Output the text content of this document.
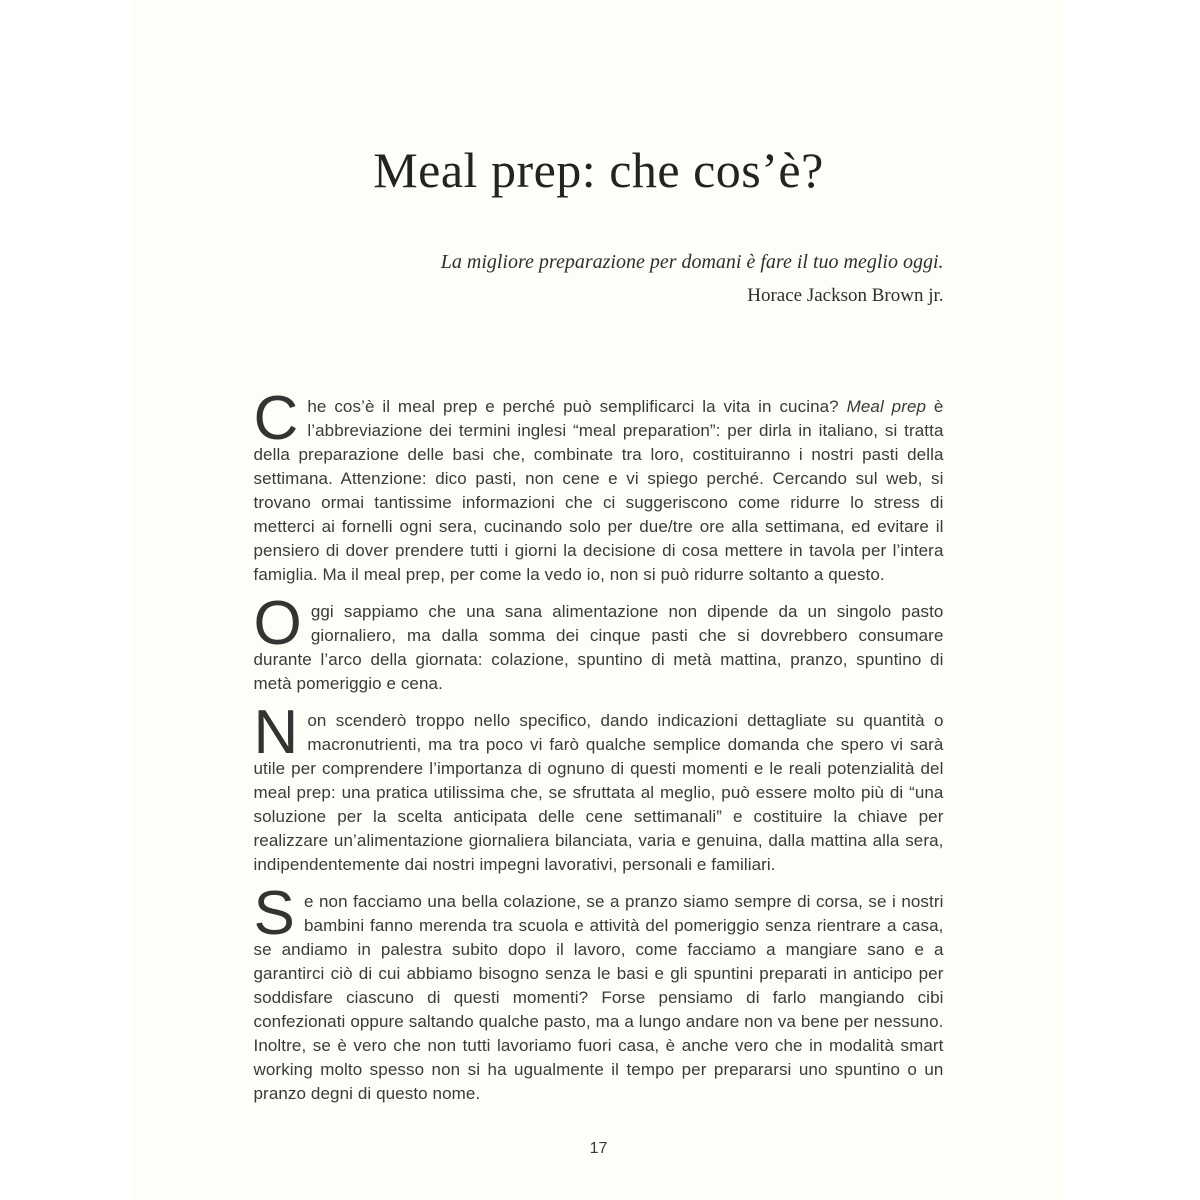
Meal prep: che cos’è?
La migliore preparazione per domani è fare il tuo meglio oggi.
Horace Jackson Brown jr.

Che cos’è il meal prep e perché può semplificarci la vita in cucina? Meal prep è l’abbreviazione dei termini inglesi “meal preparation”: per dirla in italiano, si tratta della preparazione delle basi che, combinate tra loro, costituiranno i nostri pasti della settimana. Attenzione: dico pasti, non cene e vi spiego perché. Cercando sul web, si trovano ormai tantissime informazioni che ci suggeriscono come ridurre lo stress di metterci ai fornelli ogni sera, cucinando solo per due/tre ore alla settimana, ed evitare il pensiero di dover prendere tutti i giorni la decisione di cosa mettere in tavola per l’intera famiglia. Ma il meal prep, per come la vedo io, non si può ridurre soltanto a questo.

Oggi sappiamo che una sana alimentazione non dipende da un singolo pasto giornaliero, ma dalla somma dei cinque pasti che si dovrebbero consumare durante l’arco della giornata: colazione, spuntino di metà mattina, pranzo, spuntino di metà pomeriggio e cena.

Non scenderò troppo nello specifico, dando indicazioni dettagliate su quantità o macronutrienti, ma tra poco vi farò qualche semplice domanda che spero vi sarà utile per comprendere l’importanza di ognuno di questi momenti e le reali potenzialità del meal prep: una pratica utilissima che, se sfruttata al meglio, può essere molto più di “una soluzione per la scelta anticipata delle cene settimanali” e costituire la chiave per realizzare un’alimentazione giornaliera bilanciata, varia e genuina, dalla mattina alla sera, indipendentemente dai nostri impegni lavorativi, personali e familiari.

Se non facciamo una bella colazione, se a pranzo siamo sempre di corsa, se i nostri bambini fanno merenda tra scuola e attività del pomeriggio senza rientrare a casa, se andiamo in palestra subito dopo il lavoro, come facciamo a mangiare sano e a garantirci ciò di cui abbiamo bisogno senza le basi e gli spuntini preparati in anticipo per soddisfare ciascuno di questi momenti? Forse pensiamo di farlo mangiando cibi confezionati oppure saltando qualche pasto, ma a lungo andare non va bene per nessuno. Inoltre, se è vero che non tutti lavoriamo fuori casa, è anche vero che in modalità smart working molto spesso non si ha ugualmente il tempo per prepararsi uno spuntino o un pranzo degni di questo nome.

17
